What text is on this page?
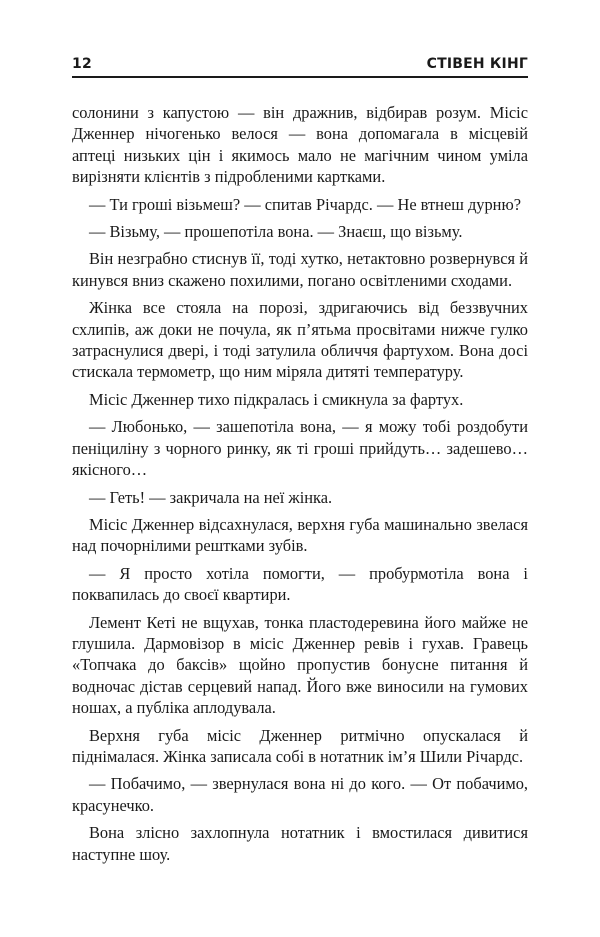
12	СТІВЕН КІНГ

солонини з капустою — він дражнив, відбирав розум. Місіс Дженнер нічогенько велося — вона допомагала в місцевій аптеці низьких цін і якимось мало не магічним чином уміла вирізняти клієнтів з підробленими картками.

— Ти гроші візьмеш? — спитав Річардс. — Не втнеш дурню?

— Візьму, — прошепотіла вона. — Знаєш, що візьму.

Він незграбно стиснув її, тоді хутко, нетактовно розвернувся й кинувся вниз скажено похилими, погано освітленими сходами.

Жінка все стояла на порозі, здригаючись від беззвучних схлипів, аж доки не почула, як п’ятьма просвітами нижче гулко затраснулися двері, і тоді затулила обличчя фартухом. Вона досі стискала термометр, що ним міряла дитяті температуру.

Місіс Дженнер тихо підкралась і смикнула за фартух.

— Любонько, — зашепотіла вона, — я можу тобі роздобути пеніциліну з чорного ринку, як ті гроші прийдуть… задешево… якісного…

— Геть! — закричала на неї жінка.

Місіс Дженнер відсахнулася, верхня губа машинально звелася над почорнілими рештками зубів.

— Я просто хотіла помогти, — пробурмотіла вона і поквапилась до своєї квартири.

Лемент Кеті не вщухав, тонка пластодеревина його майже не глушила. Дармовізор в місіс Дженнер ревів і гухав. Гравець «Топчака до баксів» щойно пропустив бонусне питання й водночас дістав серцевий напад. Його вже виносили на гумових ношах, а публіка аплодувала.

Верхня губа місіс Дженнер ритмічно опускалася й піднімалася. Жінка записала собі в нотатник ім’я Шили Річардс.

— Побачимо, — звернулася вона ні до кого. — От побачимо, красунечко.

Вона злісно захлопнула нотатник і вмостилася дивитися наступне шоу.
